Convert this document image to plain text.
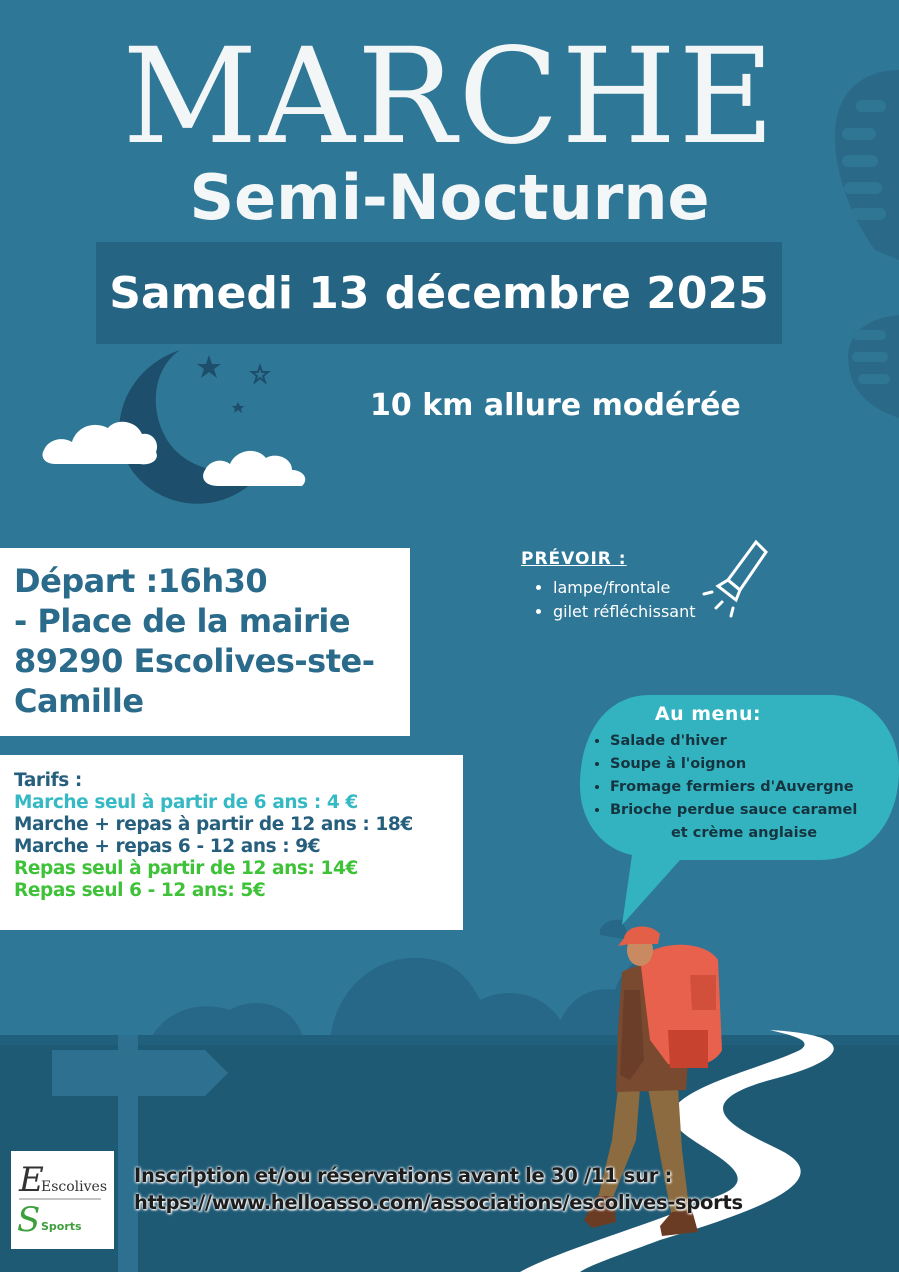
MARCHE
Semi-Nocturne
Samedi 13 décembre 2025
10 km allure modérée
Départ :16h30
- Place de la mairie
89290 Escolives-ste-
Camille
Tarifs :
Marche seul à partir de 6 ans : 4 €
Marche + repas à partir de 12 ans : 18€
Marche + repas 6 - 12 ans : 9€
Repas seul à partir de 12 ans: 14€
Repas seul 6 - 12 ans: 5€
PRÉVOIR :
• lampe/frontale
• gilet réfléchissant
Au menu:
• Salade d'hiver
• Soupe à l'oignon
• Fromage fermiers d'Auvergne
• Brioche perdue sauce caramel
et crème anglaise
E
Escolives
S Sports
Inscription et/ou réservations avant le 30 /11 sur :
https://www.helloasso.com/associations/escolives-sports
